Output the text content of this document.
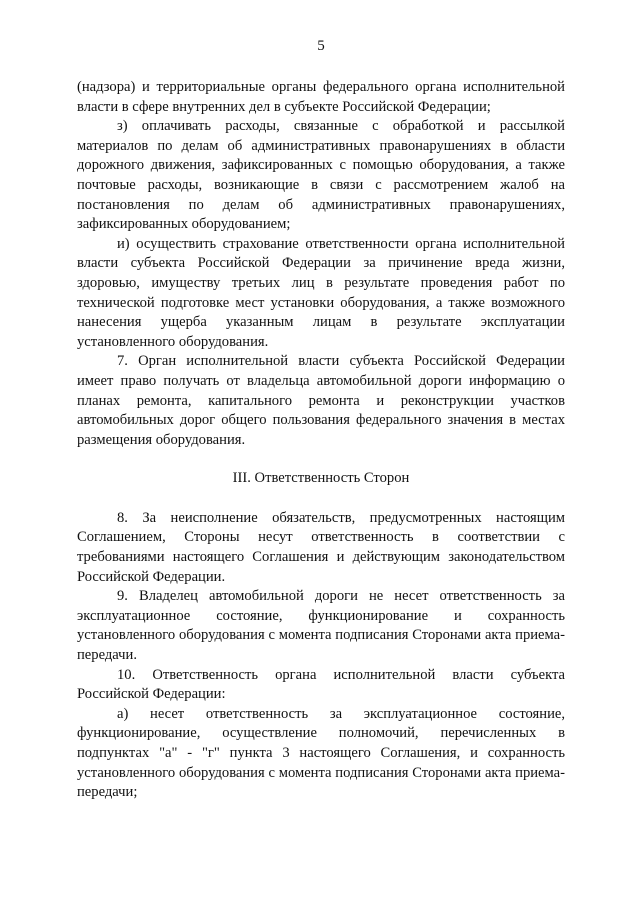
5

(надзора) и территориальные органы федерального органа исполнительной власти в сфере внутренних дел в субъекте Российской Федерации;

з) оплачивать расходы, связанные с обработкой и рассылкой материалов по делам об административных правонарушениях в области дорожного движения, зафиксированных с помощью оборудования, а также почтовые расходы, возникающие в связи с рассмотрением жалоб на постановления по делам об административных правонарушениях, зафиксированных оборудованием;

и) осуществить страхование ответственности органа исполнительной власти субъекта Российской Федерации за причинение вреда жизни, здоровью, имуществу третьих лиц в результате проведения работ по технической подготовке мест установки оборудования, а также возможного нанесения ущерба указанным лицам в результате эксплуатации установленного оборудования.

7. Орган исполнительной власти субъекта Российской Федерации имеет право получать от владельца автомобильной дороги информацию о планах ремонта, капитального ремонта и реконструкции участков автомобильных дорог общего пользования федерального значения в местах размещения оборудования.

III. Ответственность Сторон

8. За неисполнение обязательств, предусмотренных настоящим Соглашением, Стороны несут ответственность в соответствии с требованиями настоящего Соглашения и действующим законодательством Российской Федерации.

9. Владелец автомобильной дороги не несет ответственность за эксплуатационное состояние, функционирование и сохранность установленного оборудования с момента подписания Сторонами акта приема-передачи.

10. Ответственность органа исполнительной власти субъекта Российской Федерации:

а) несет ответственность за эксплуатационное состояние, функционирование, осуществление полномочий, перечисленных в подпунктах "а" - "г" пункта 3 настоящего Соглашения, и сохранность установленного оборудования с момента подписания Сторонами акта приема-передачи;
